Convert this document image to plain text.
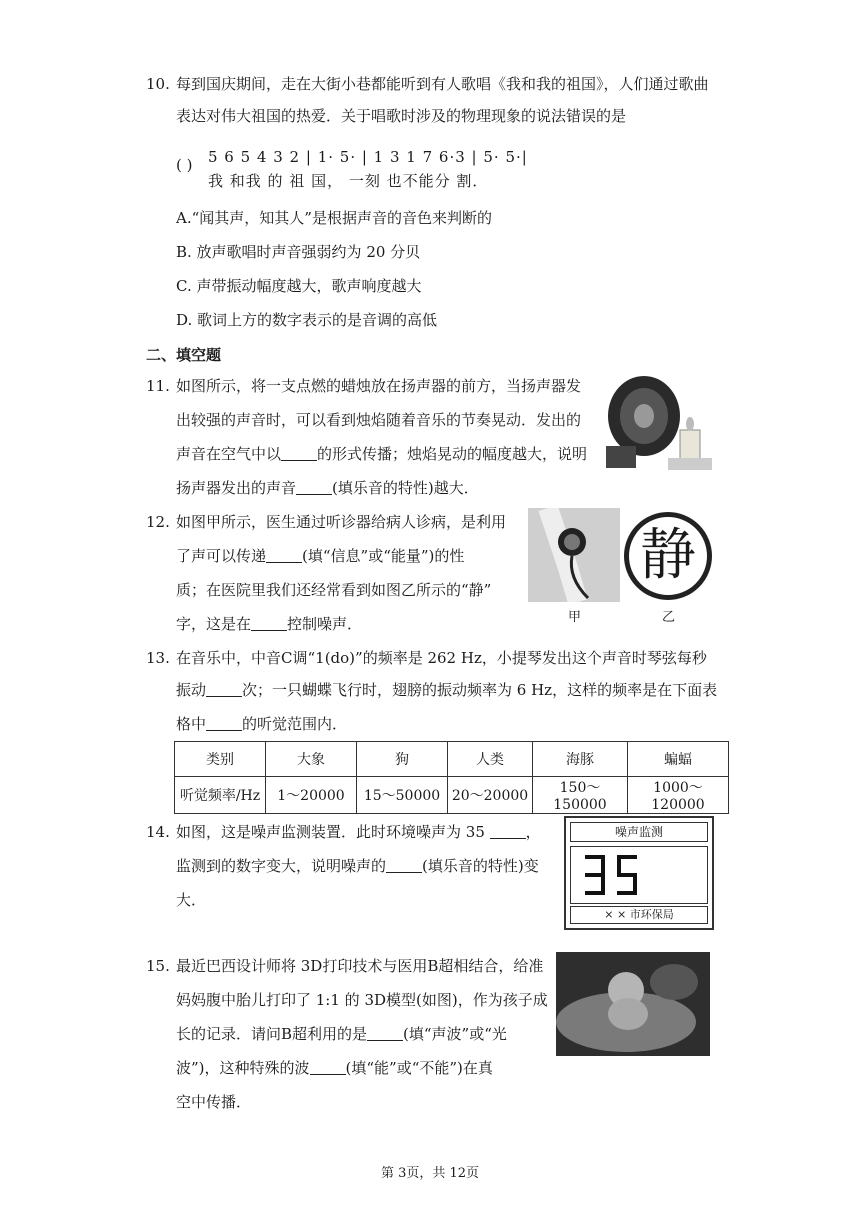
10. 每到国庆期间，走在大街小巷都能听到有人歌唱《我和我的祖国》，人们通过歌曲
表达对伟大祖国的热爱．关于唱歌时涉及的物理现象的说法错误的是
( ) 5 6 5 4 3 2 | 1· 5· | 1 3 1 7 6·3 | 5· 5·|
我 和我 的 祖 国， 一刻 也不能分 割．
A.“闻其声，知其人”是根据声音的音色来判断的
B. 放声歌唱时声音强弱约为 20 分贝
C. 声带振动幅度越大，歌声响度越大
D. 歌词上方的数字表示的是音调的高低
二、填空题
11. 如图所示，将一支点燃的蜡烛放在扬声器的前方，当扬声器发
出较强的声音时，可以看到烛焰随着音乐的节奏晃动．发出的
声音在空气中以 的形式传播；烛焰晃动的幅度越大，说明
扬声器发出的声音 (填乐音的特性)越大．
12. 如图甲所示，医生通过听诊器给病人诊病，是利用
了声可以传递 (填“信息”或“能量”)的性
质；在医院里我们还经常看到如图乙所示的“静”
字，这是在 控制噪声．
静
甲	乙
13. 在音乐中，中音C调“1(do)”的频率是 262 Hz，小提琴发出这个声音时琴弦每秒
振动 次；一只蝴蝶飞行时，翅膀的振动频率为 6 Hz，这样的频率是在下面表
格中 的听觉范围内．
类别	大象	狗	人类	海豚	蝙蝠
听觉频率/Hz	1～20000	15～50000	20～20000	150～150000	1000～120000
14. 如图，这是噪声监测装置．此时环境噪声为 35	，
监测到的数字变大，说明噪声的 (填乐音的特性)变
大．
噪声监测
× × 市环保局
15. 最近巴西设计师将 3D打印技术与医用B超相结合，给准
妈妈腹中胎儿打印了 1:1 的 3D模型(如图)，作为孩子成
长的记录．请问B超利用的是 (填“声波”或“光
波”)，这种特殊的波 (填“能”或“不能”)在真
空中传播．
第 3页，共 12页
